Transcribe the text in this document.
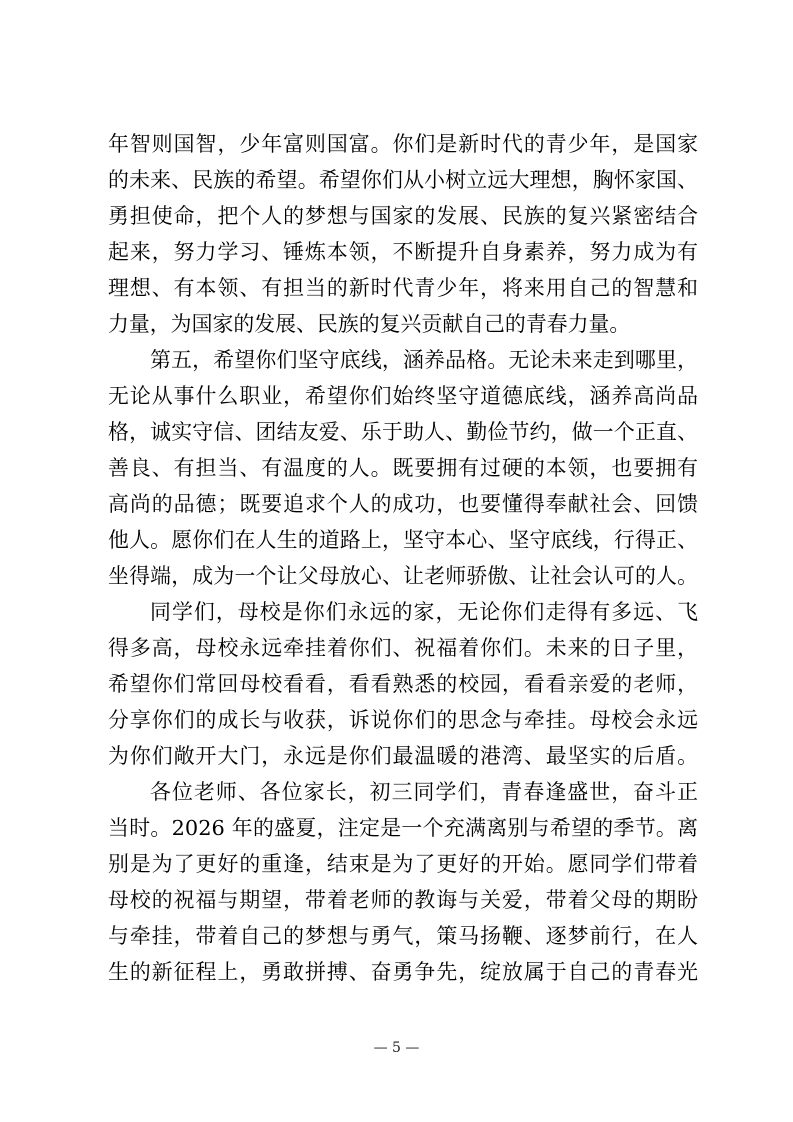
年智则国智，少年富则国富。你们是新时代的青少年，是国家
的未来、民族的希望。希望你们从小树立远大理想，胸怀家国、
勇担使命，把个人的梦想与国家的发展、民族的复兴紧密结合
起来，努力学习、锤炼本领，不断提升自身素养，努力成为有
理想、有本领、有担当的新时代青少年，将来用自己的智慧和
力量，为国家的发展、民族的复兴贡献自己的青春力量。
第五，希望你们坚守底线，涵养品格。无论未来走到哪里，
无论从事什么职业，希望你们始终坚守道德底线，涵养高尚品
格，诚实守信、团结友爱、乐于助人、勤俭节约，做一个正直、
善良、有担当、有温度的人。既要拥有过硬的本领，也要拥有
高尚的品德；既要追求个人的成功，也要懂得奉献社会、回馈
他人。愿你们在人生的道路上，坚守本心、坚守底线，行得正、
坐得端，成为一个让父母放心、让老师骄傲、让社会认可的人。
同学们，母校是你们永远的家，无论你们走得有多远、飞
得多高，母校永远牵挂着你们、祝福着你们。未来的日子里，
希望你们常回母校看看，看看熟悉的校园，看看亲爱的老师，
分享你们的成长与收获，诉说你们的思念与牵挂。母校会永远
为你们敞开大门，永远是你们最温暖的港湾、最坚实的后盾。
各位老师、各位家长，初三同学们，青春逢盛世，奋斗正
当时。2026 年的盛夏，注定是一个充满离别与希望的季节。离
别是为了更好的重逢，结束是为了更好的开始。愿同学们带着
母校的祝福与期望，带着老师的教诲与关爱，带着父母的期盼
与牵挂，带着自己的梦想与勇气，策马扬鞭、逐梦前行，在人
生的新征程上，勇敢拼搏、奋勇争先，绽放属于自己的青春光
— 5 —
